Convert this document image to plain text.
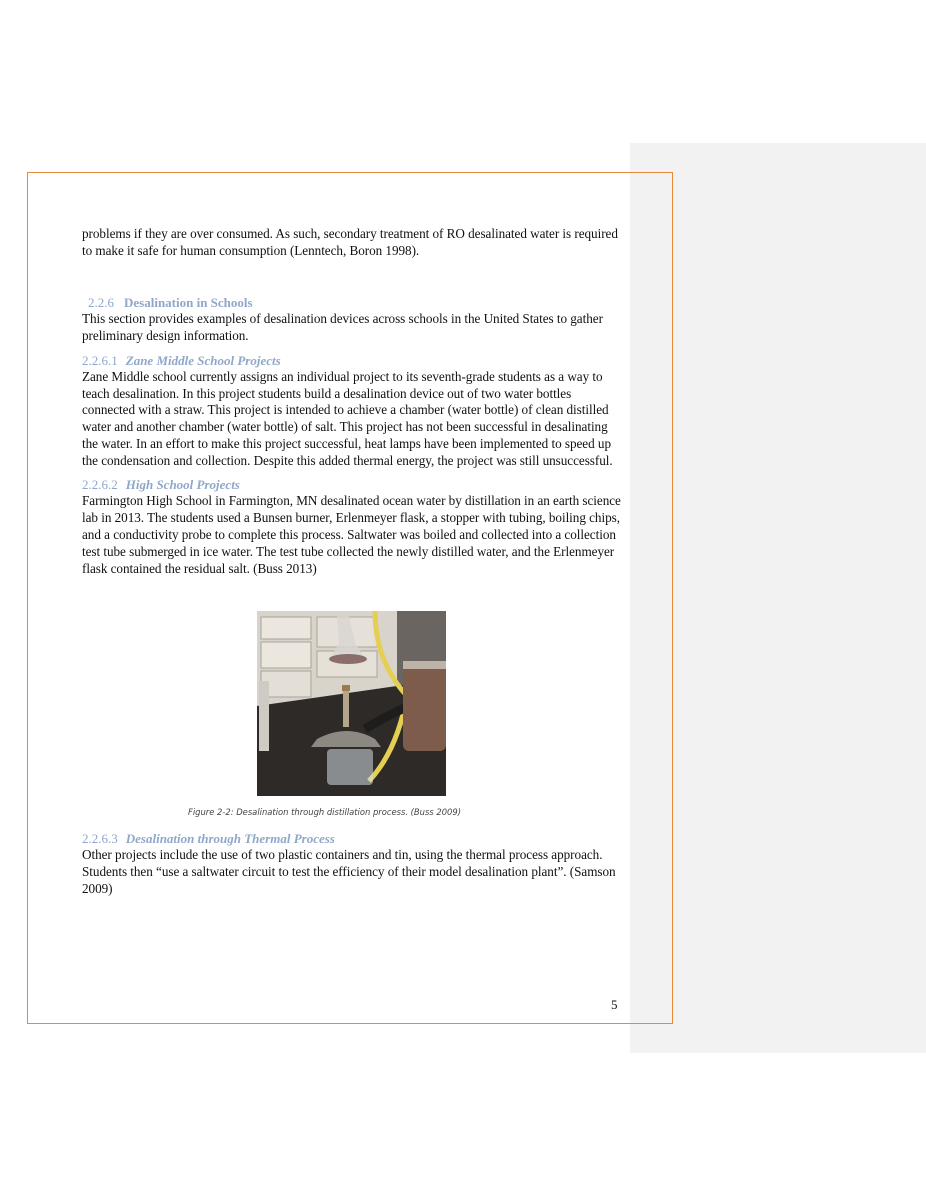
problems if they are over consumed. As such, secondary treatment of RO desalinated water is required to make it safe for human consumption (Lenntech, Boron 1998).

2.2.6 Desalination in Schools

This section provides examples of desalination devices across schools in the United States to gather preliminary design information.

2.2.6.1 Zane Middle School Projects

Zane Middle school currently assigns an individual project to its seventh-grade students as a way to teach desalination. In this project students build a desalination device out of two water bottles connected with a straw. This project is intended to achieve a chamber (water bottle) of clean distilled water and another chamber (water bottle) of salt. This project has not been successful in desalinating the water. In an effort to make this project successful, heat lamps have been implemented to speed up the condensation and collection. Despite this added thermal energy, the project was still unsuccessful.

2.2.6.2 High School Projects

Farmington High School in Farmington, MN desalinated ocean water by distillation in an earth science lab in 2013. The students used a Bunsen burner, Erlenmeyer flask, a stopper with tubing, boiling chips, and a conductivity probe to complete this process. Saltwater was boiled and collected into a collection test tube submerged in ice water. The test tube collected the newly distilled water, and the Erlenmeyer flask contained the residual salt. (Buss 2013)

Figure 2-2: Desalination through distillation process. (Buss 2009)
2.2.6.3 Desalination through Thermal Process

Other projects include the use of two plastic containers and tin, using the thermal process approach. Students then “use a saltwater circuit to test the efficiency of their model desalination plant”. (Samson 2009)

5
